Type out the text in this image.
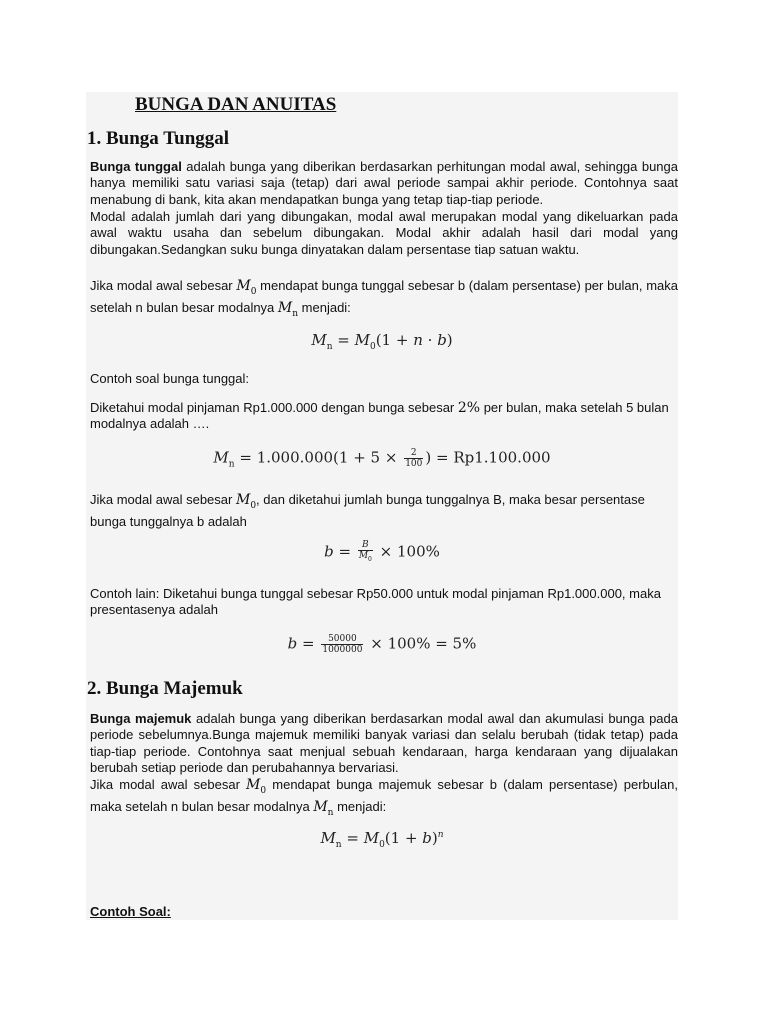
BUNGA DAN ANUITAS
1. Bunga Tunggal
Bunga tunggal adalah bunga yang diberikan berdasarkan perhitungan modal awal, sehingga bunga hanya memiliki satu variasi saja (tetap) dari awal periode sampai akhir periode. Contohnya saat menabung di bank, kita akan mendapatkan bunga yang tetap tiap-tiap periode.
Modal adalah jumlah dari yang dibungakan, modal awal merupakan modal yang dikeluarkan pada awal waktu usaha dan sebelum dibungakan. Modal akhir adalah hasil dari modal yang dibungakan.Sedangkan suku bunga dinyatakan dalam persentase tiap satuan waktu.
Jika modal awal sebesar $M_0$ mendapat bunga tunggal sebesar b (dalam persentase) per bulan, maka setelah n bulan besar modalnya $M_n$ menjadi:
$M_n = M_0(1 + n \cdot b)$
Contoh soal bunga tunggal:
Diketahui modal pinjaman Rp1.000.000 dengan bunga sebesar 2% per bulan, maka setelah 5 bulan modalnya adalah ….
$M_n = 1.000.000(1 + 5 \times \frac{2}{100}$ ) = Rp1.100.000
Jika modal awal sebesar $M_0$, dan diketahui jumlah bunga tunggalnya B, maka besar persentase bunga tunggalnya b adalah
$b = \frac{B}{M_0} \times 100\%$
Contoh lain: Diketahui bunga tunggal sebesar Rp50.000 untuk modal pinjaman Rp1.000.000, maka presentasenya adalah
$b = \frac{50000}{1000000} \times 100\% = 5\%$
2. Bunga Majemuk
Bunga majemuk adalah bunga yang diberikan berdasarkan modal awal dan akumulasi bunga pada periode sebelumnya.Bunga majemuk memiliki banyak variasi dan selalu berubah (tidak tetap) pada tiap-tiap periode. Contohnya saat menjual sebuah kendaraan, harga kendaraan yang dijualakan berubah setiap periode dan perubahannya bervariasi.
Jika modal awal sebesar $M_0$ mendapat bunga majemuk sebesar b (dalam persentase) perbulan, maka setelah n bulan besar modalnya $M_n$ menjadi:
$M_n = M_0(1 + b)^n$
Contoh Soal:
